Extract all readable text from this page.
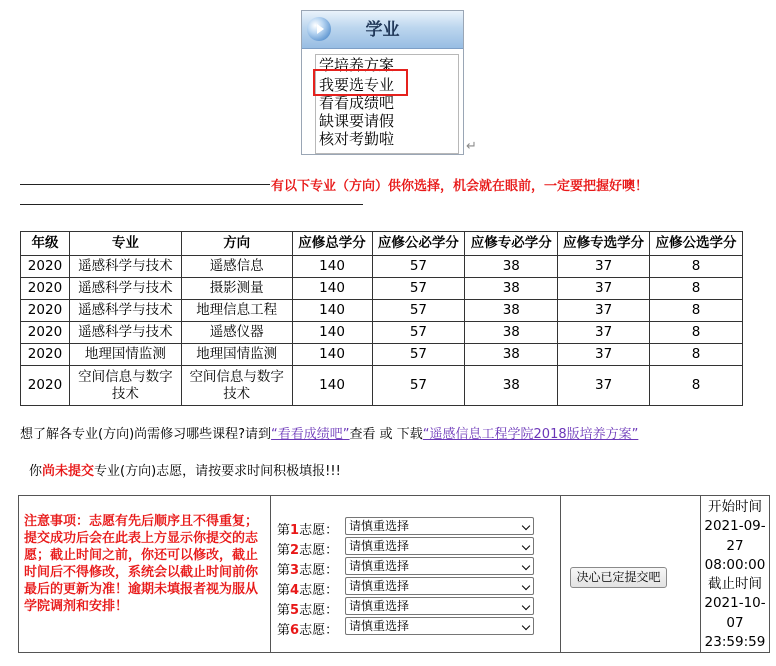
学业
学培养方案
我要选专业
看看成绩吧
缺课要请假
核对考勤啦	↵
有以下专业（方向）供你选择，机会就在眼前，一定要把握好噢！
年级	专业	方向	应修总学分	应修公必学分	应修专必学分	应修专选学分	应修公选学分
2020	遥感科学与技术	遥感信息	140	57	38	37	8
2020	遥感科学与技术	摄影测量	140	57	38	37	8
2020	遥感科学与技术	地理信息工程	140	57	38	37	8
2020	遥感科学与技术	遥感仪器	140	57	38	37	8
2020	地理国情监测	地理国情监测	140	57	38	37	8
2020	空间信息与数字技术	空间信息与数字技术	140	57	38	37	8
想了解各专业(方向)尚需修习哪些课程?请到“看看成绩吧”查看 或 下载“遥感信息工程学院2018版培养方案”
你尚未提交专业(方向)志愿，请按要求时间积极填报!!!
注意事项：志愿有先后顺序且不得重复；提交成功后会在此表上方显示你提交的志愿；截止时间之前，你还可以修改，截止时间后不得修改，系统会以截止时间前你最后的更新为准！逾期未填报者视为服从学院调剂和安排！
第1志愿： 请慎重选择
第2志愿： 请慎重选择
第3志愿： 请慎重选择
第4志愿： 请慎重选择
第5志愿： 请慎重选择
第6志愿： 请慎重选择
决心已定提交吧
开始时间
2021-09-
27
08:00:00
截止时间
2021-10-
07
23:59:59
